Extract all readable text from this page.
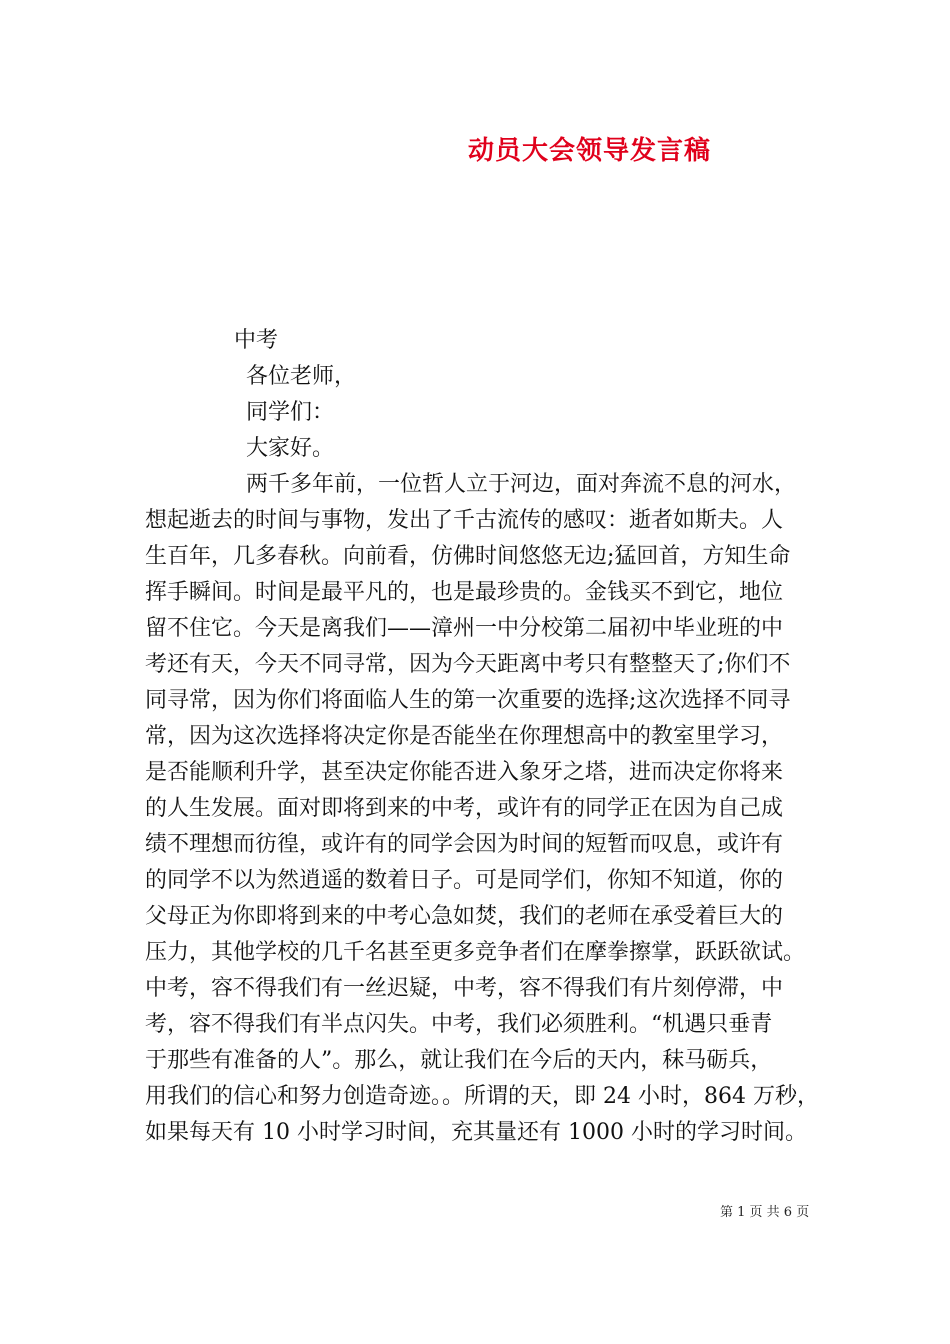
动员大会领导发言稿
中考
各位老师，
同学们：
大家好。
两千多年前，一位哲人立于河边，面对奔流不息的河水，
想起逝去的时间与事物，发出了千古流传的感叹：逝者如斯夫。人
生百年，几多春秋。向前看，仿佛时间悠悠无边;猛回首，方知生命
挥手瞬间。时间是最平凡的，也是最珍贵的。金钱买不到它，地位
留不住它。今天是离我们——漳州一中分校第二届初中毕业班的中
考还有天，今天不同寻常，因为今天距离中考只有整整天了;你们不
同寻常，因为你们将面临人生的第一次重要的选择;这次选择不同寻
常，因为这次选择将决定你是否能坐在你理想高中的教室里学习，
是否能顺利升学，甚至决定你能否进入象牙之塔，进而决定你将来
的人生发展。面对即将到来的中考，或许有的同学正在因为自己成
绩不理想而彷徨，或许有的同学会因为时间的短暂而叹息，或许有
的同学不以为然逍遥的数着日子。可是同学们，你知不知道，你的
父母正为你即将到来的中考心急如焚，我们的老师在承受着巨大的
压力，其他学校的几千名甚至更多竞争者们在摩拳擦掌，跃跃欲试。
中考，容不得我们有一丝迟疑，中考，容不得我们有片刻停滞，中
考，容不得我们有半点闪失。中考，我们必须胜利。“机遇只垂青
于那些有准备的人”。那么，就让我们在今后的天内，秣马砺兵，
用我们的信心和努力创造奇迹。。所谓的天，即 24 小时，864 万秒，
如果每天有 10 小时学习时间，充其量还有 1000 小时的学习时间。
第 1 页 共 6 页
